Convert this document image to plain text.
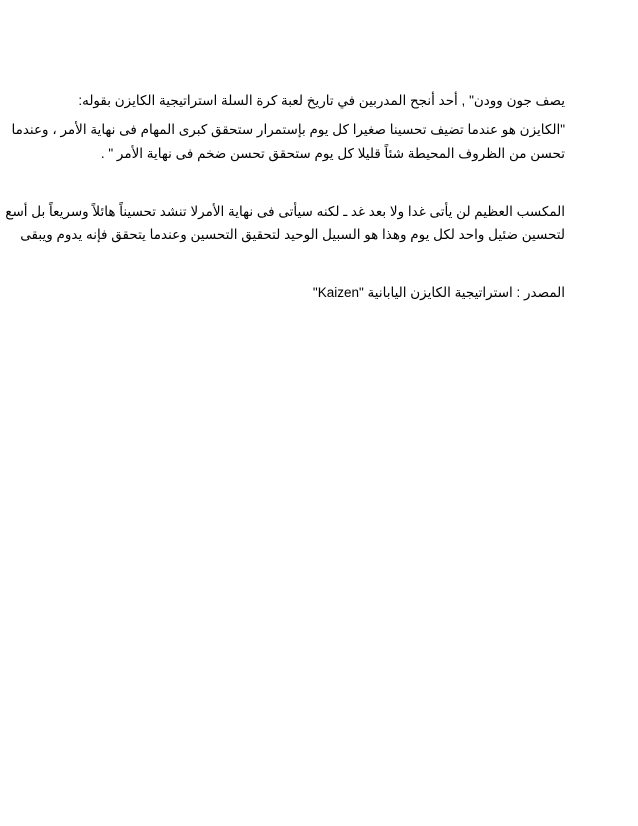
يصف جون وودن" , أحد أنجح المدربين في تاريخ لعبة كرة السلة استراتيجية الكايزن بقوله:
"الكايزن هو عندما تضيف تحسينا صغيرا كل يوم بإستمرار ستحقق كبرى المهام فى نهاية الأمر ، وعندما
تحسن من الظروف المحيطة شئاً قليلا كل يوم ستحقق تحسن ضخم فى نهاية الأمر " .
المكسب العظيم لن يأتى غدا ولا بعد غد ـ لكنه سيأتى فى نهاية الأمرلا تنشد تحسيناً هائلاً وسريعاً بل أسع
لتحسين ضئيل واحد لكل يوم وهذا هو السبيل الوحيد لتحقيق التحسين وعندما يتحقق فإنه يدوم ويبقى
المصدر : استراتيجية الكايزن اليابانية "Kaizen"
